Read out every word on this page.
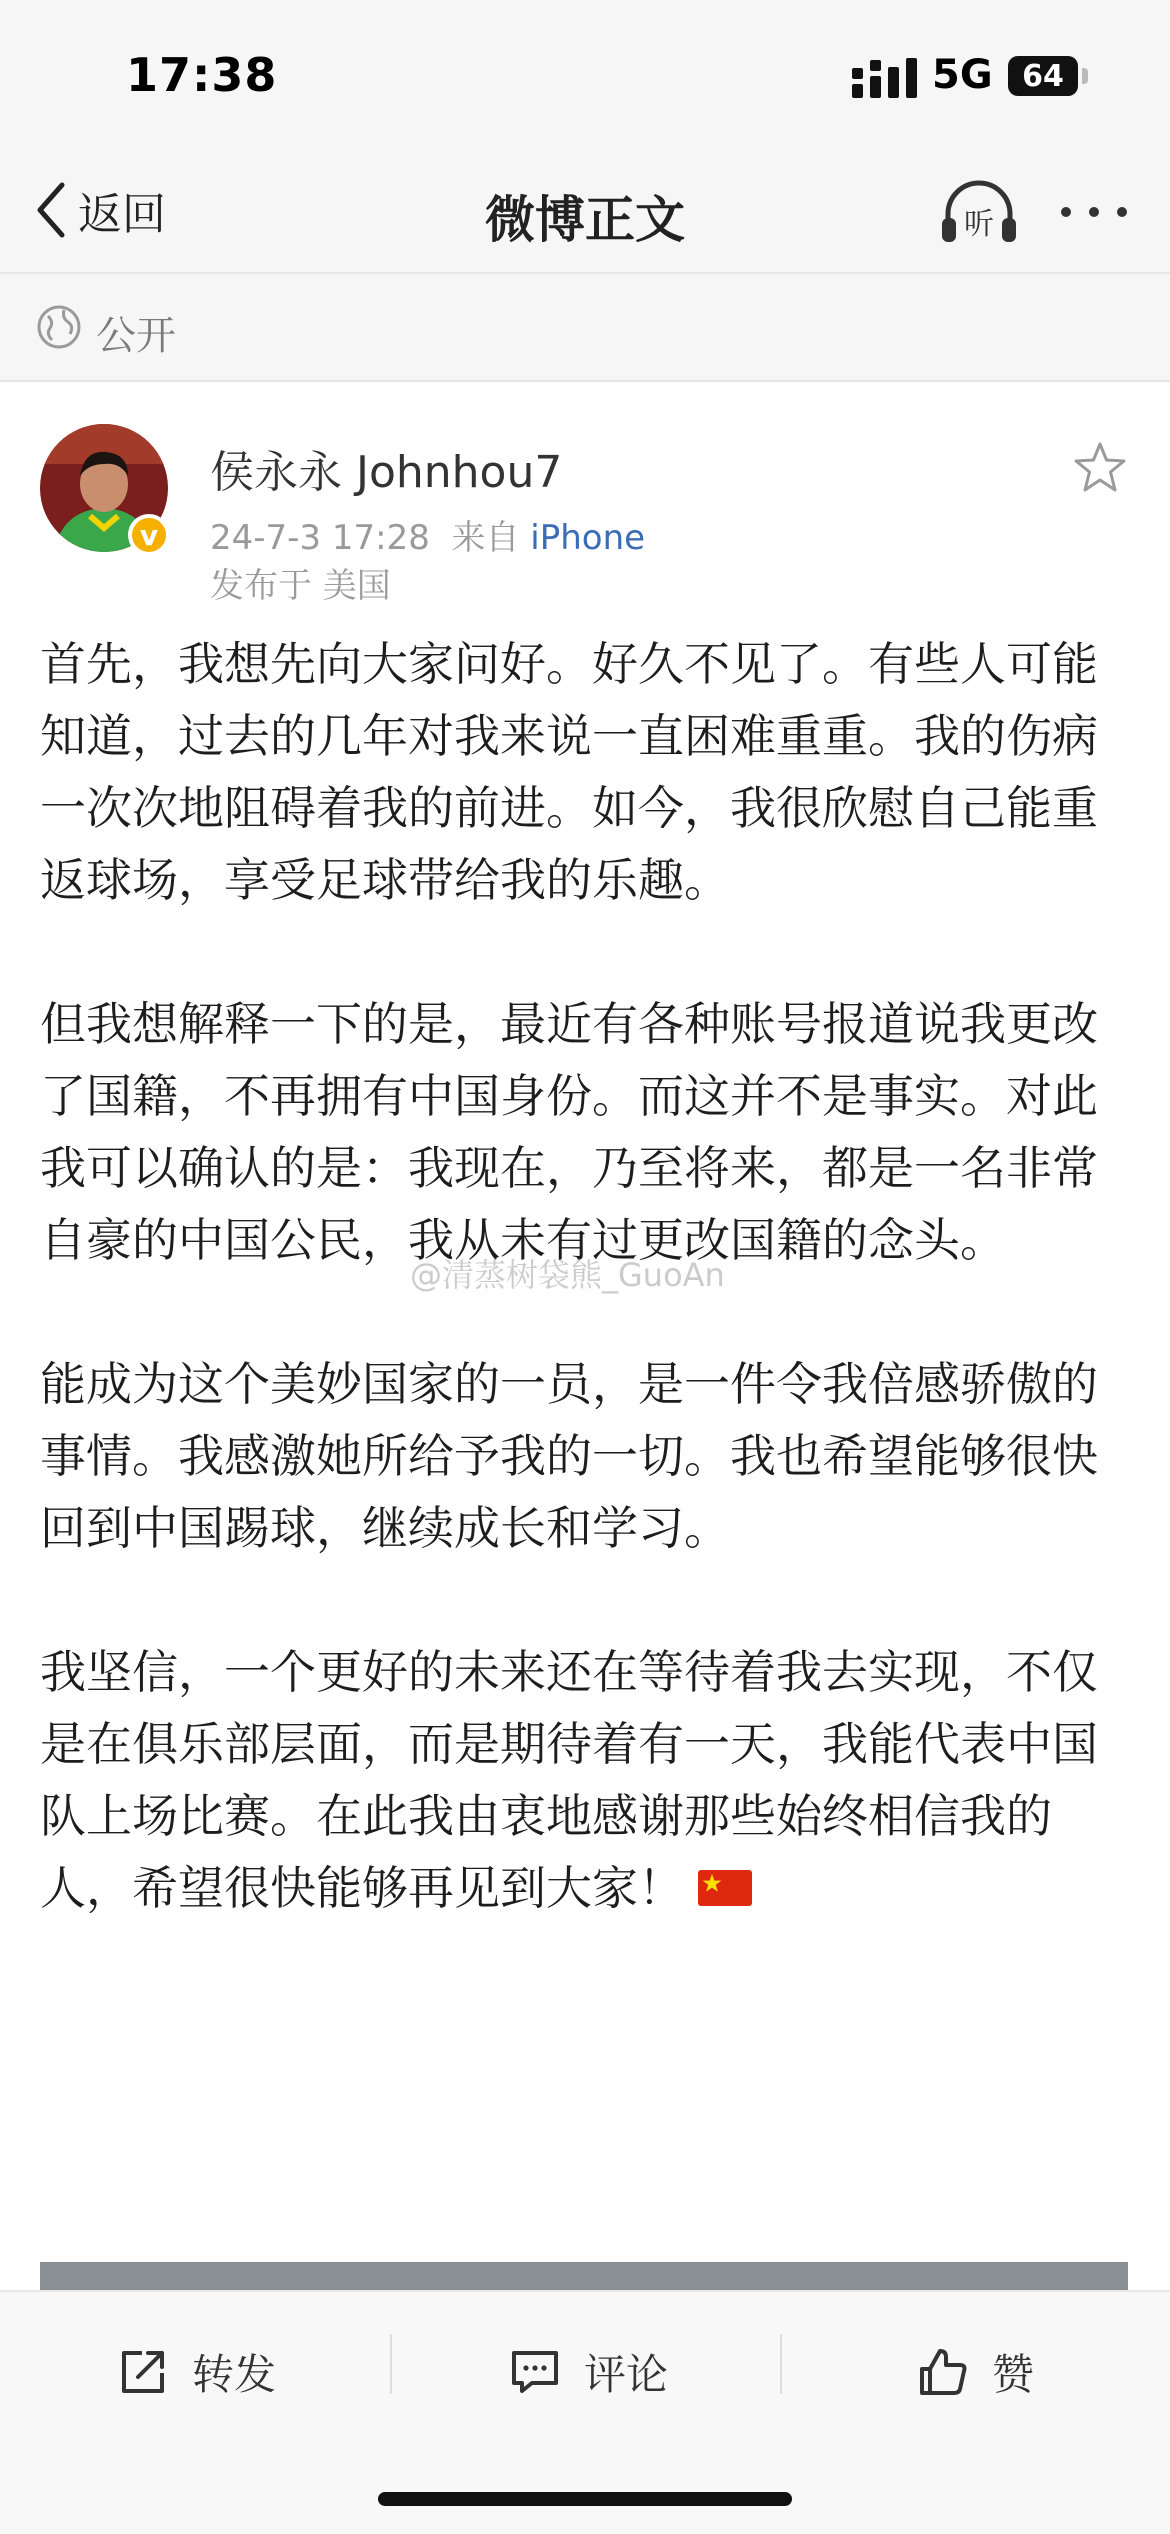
17:38	5G 64
返回	微博正文	听
公开
v
侯永永 Johnhou7
24-7-3 17:28 来自 iPhone
发布于 美国

首先，我想先向大家问好。好久不见了。有些人可能知道，过去的几年对我来说一直困难重重。我的伤病一次次地阻碍着我的前进。如今，我很欣慰自己能重返球场，享受足球带给我的乐趣。

但我想解释一下的是，最近有各种账号报道说我更改了国籍，不再拥有中国身份。而这并不是事实。对此我可以确认的是：我现在，乃至将来，都是一名非常自豪的中国公民，我从未有过更改国籍的念头。

能成为这个美妙国家的一员，是一件令我倍感骄傲的事情。我感激她所给予我的一切。我也希望能够很快回到中国踢球，继续成长和学习。

我坚信，一个更好的未来还在等待着我去实现，不仅是在俱乐部层面，而是期待着有一天，我能代表中国队上场比赛。在此我由衷地感谢那些始终相信我的人，希望很快能够再见到大家！

@清蒸树袋熊_GuoAn
转发	评论	赞
